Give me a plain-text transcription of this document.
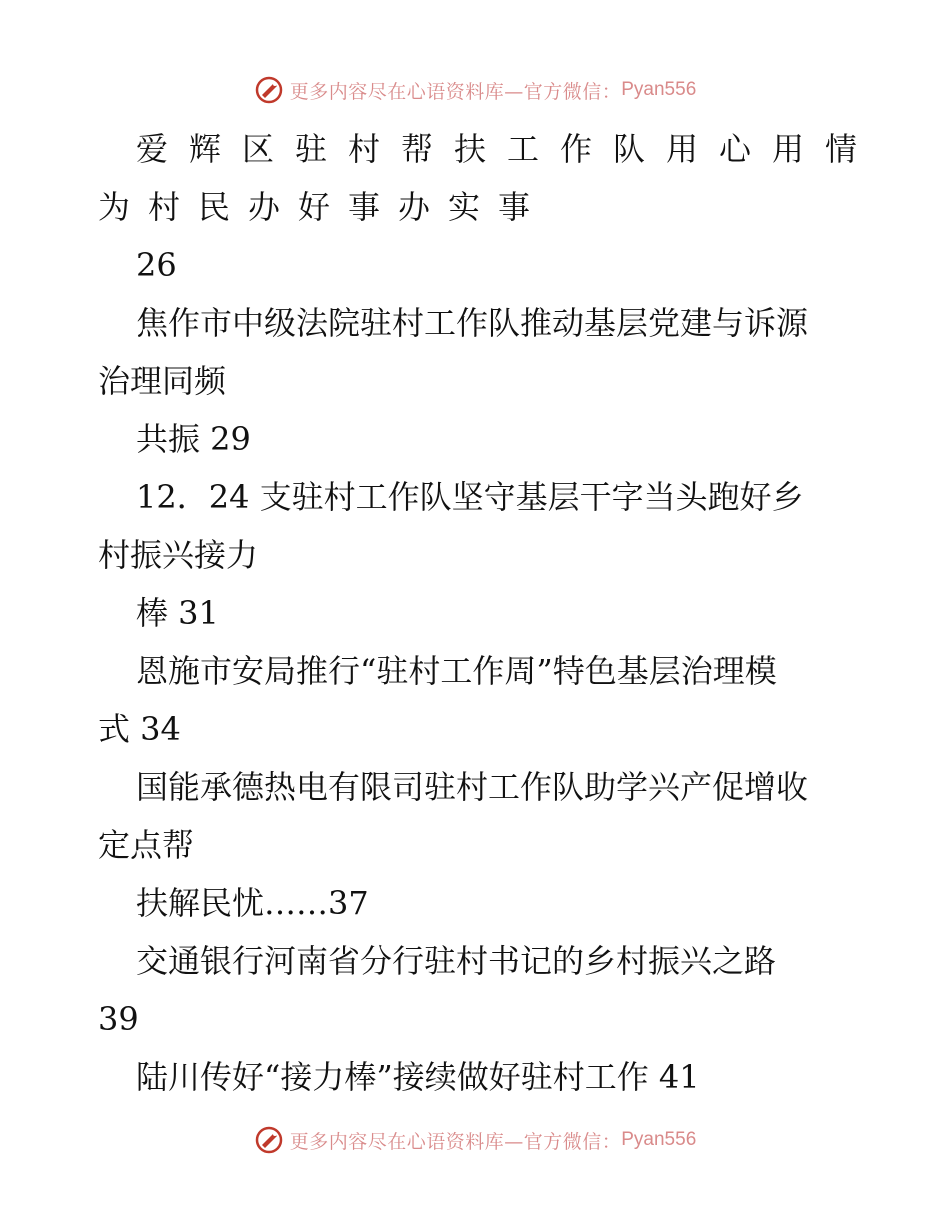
更多内容尽在心语资料库—官方微信： Pyan556
爱辉区驻村帮扶工作队用心用情
为村民办好事办实事
26
焦作市中级法院驻村工作队推动基层党建与诉源
治理同频
共振 29
12．24 支驻村工作队坚守基层干字当头跑好乡
村振兴接力
棒 31
恩施市安局推行“驻村工作周”特色基层治理模
式 34
国能承德热电有限司驻村工作队助学兴产促增收
定点帮
扶解民忧……37
交通银行河南省分行驻村书记的乡村振兴之路
39
陆川传好“接力棒”接续做好驻村工作 41
更多内容尽在心语资料库—官方微信： Pyan556
